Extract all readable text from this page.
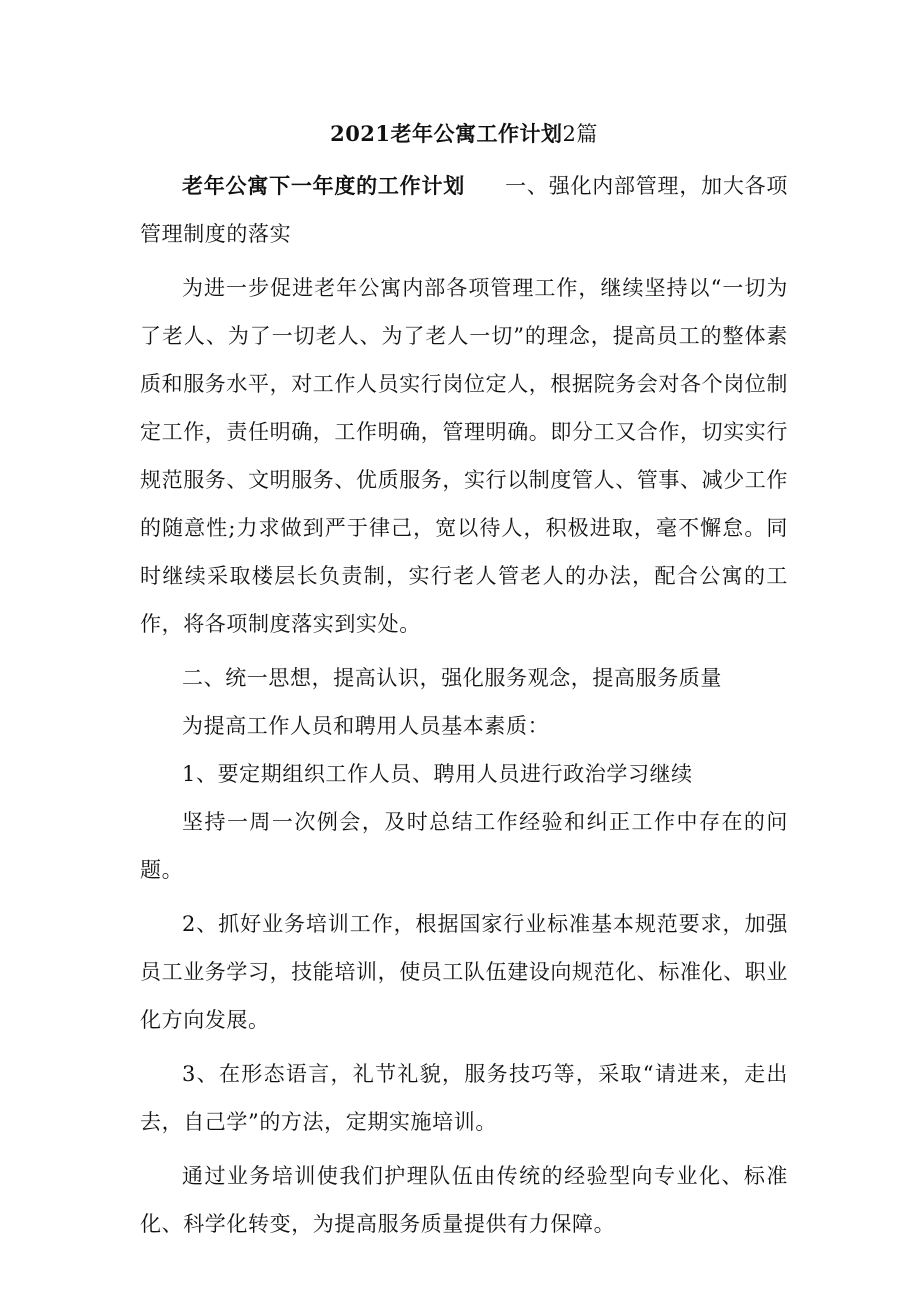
2021老年公寓工作计划2篇

老年公寓下一年度的工作计划 一、强化内部管理，加大各项管理制度的落实

为进一步促进老年公寓内部各项管理工作，继续坚持以“一切为了老人、为了一切老人、为了老人一切”的理念，提高员工的整体素质和服务水平，对工作人员实行岗位定人，根据院务会对各个岗位制定工作，责任明确，工作明确，管理明确。即分工又合作，切实实行规范服务、文明服务、优质服务，实行以制度管人、管事、减少工作的随意性;力求做到严于律己，宽以待人，积极进取，毫不懈怠。同时继续采取楼层长负责制，实行老人管老人的办法，配合公寓的工作，将各项制度落实到实处。

二、统一思想，提高认识，强化服务观念，提高服务质量

为提高工作人员和聘用人员基本素质：

1、要定期组织工作人员、聘用人员进行政治学习继续

坚持一周一次例会，及时总结工作经验和纠正工作中存在的问题。

2、抓好业务培训工作，根据国家行业标准基本规范要求，加强员工业务学习，技能培训，使员工队伍建设向规范化、标准化、职业化方向发展。

3、在形态语言，礼节礼貌，服务技巧等，采取“请进来，走出去，自己学”的方法，定期实施培训。

通过业务培训使我们护理队伍由传统的经验型向专业化、标准化、科学化转变，为提高服务质量提供有力保障。
